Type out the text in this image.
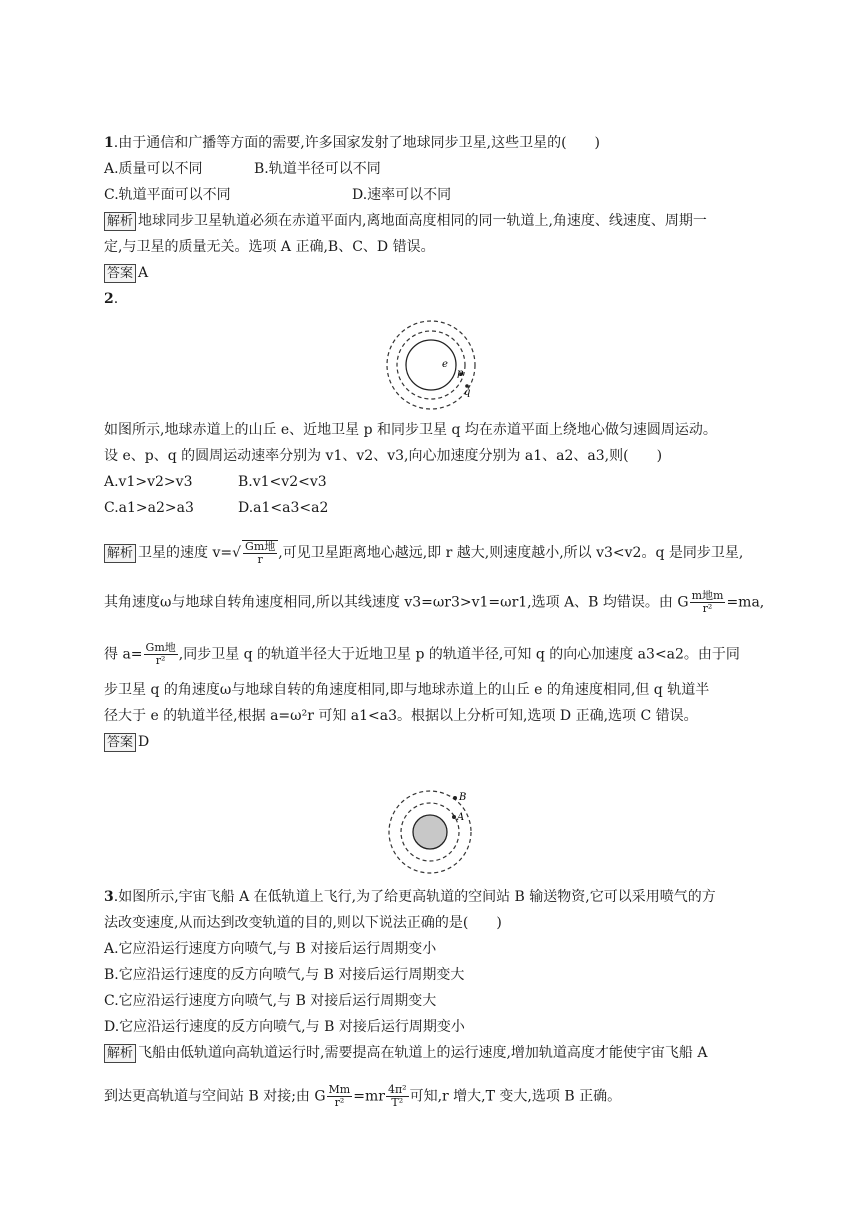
1.由于通信和广播等方面的需要,许多国家发射了地球同步卫星,这些卫星的(　　)
A.质量可以不同	B.轨道半径可以不同
C.轨道平面可以不同	D.速率可以不同
解析 地球同步卫星轨道必须在赤道平面内,离地面高度相同的同一轨道上,角速度、线速度、周期一
定,与卫星的质量无关。选项 A 正确,B、C、D 错误。
答案 A
2.
e
p
q
如图所示,地球赤道上的山丘 e、近地卫星 p 和同步卫星 q 均在赤道平面上绕地心做匀速圆周运动。
设 e、p、q 的圆周运动速率分别为 v1、v2、v3,向心加速度分别为 a1、a2、a3,则(　　)
A.v1>v2>v3	B.v1<v2<v3
C.a1>a2>a3	D.a1<a3<a2
解析 卫星的速度 $v=√ \frac{\text{Gm地}}{r}$ ,可见卫星距离地心越远,即 r 越大,则速度越小,所以 v3<v2。q 是同步卫星,
其角速度ω与地球自转角速度相同,所以其线速度 v3=ωr3>v1=ωr1,选项 A、B 均错误。由 G $\frac{\text{m地m}}{\text{r²}} =ma$,
得 $a= \frac{\text{Gm地}}{\text{r²}}$ ,同步卫星 q 的轨道半径大于近地卫星 p 的轨道半径,可知 q 的向心加速度 a3<a2。由于同
步卫星 q 的角速度ω与地球自转的角速度相同,即与地球赤道上的山丘 e 的角速度相同,但 q 轨道半
径大于 e 的轨道半径,根据 a=ω²r 可知 a1<a3。根据以上分析可知,选项 D 正确,选项 C 错误。
答案 D
B
A
3.如图所示,宇宙飞船 A 在低轨道上飞行,为了给更高轨道的空间站 B 输送物资,它可以采用喷气的方
法改变速度,从而达到改变轨道的目的,则以下说法正确的是(　　)
A.它应沿运行速度方向喷气,与 B 对接后运行周期变小
B.它应沿运行速度的反方向喷气,与 B 对接后运行周期变大
C.它应沿运行速度方向喷气,与 B 对接后运行周期变大
D.它应沿运行速度的反方向喷气,与 B 对接后运行周期变小
解析 飞船由低轨道向高轨道运行时,需要提高在轨道上的运行速度,增加轨道高度才能使宇宙飞船 A
到达更高轨道与空间站 B 对接;由 G $\frac{Mm}{\text{r²}} =mr \frac{\text{4π²}}{\text{T²}}$ 可知,r 增大,T 变大,选项 B 正确。
